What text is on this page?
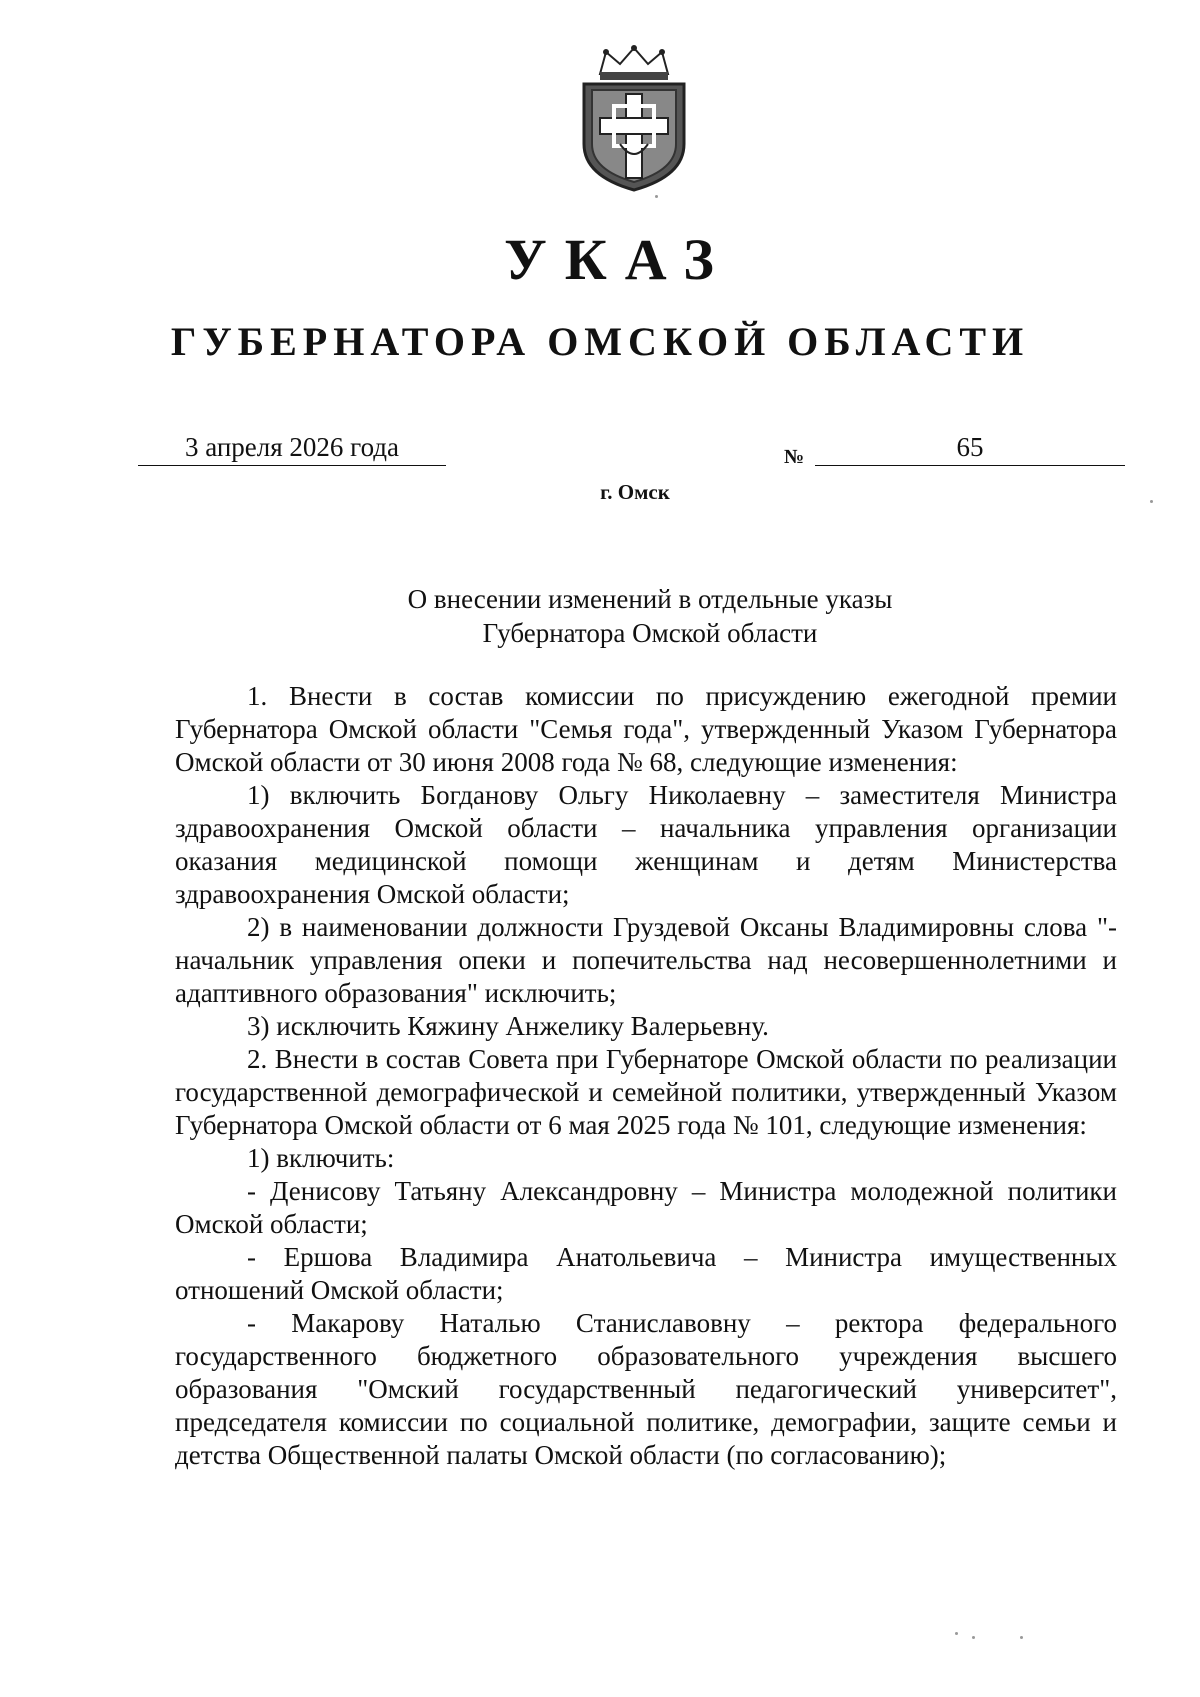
УКАЗ
ГУБЕРНАТОРА ОМСКОЙ ОБЛАСТИ
3 апреля 2026 года	№	65
г. Омск
О внесении изменений в отдельные указы
Губернатора Омской области

1. Внести в состав комиссии по присуждению ежегодной премии Губернатора Омской области "Семья года", утвержденный Указом Губернатора Омской области от 30 июня 2008 года № 68, следующие изменения:

1) включить Богданову Ольгу Николаевну – заместителя Министра здравоохранения Омской области – начальника управления организации оказания медицинской помощи женщинам и детям Министерства здравоохранения Омской области;

2) в наименовании должности Груздевой Оксаны Владимировны слова "- начальник управления опеки и попечительства над несовершеннолетними и адаптивного образования" исключить;

3) исключить Кяжину Анжелику Валерьевну.

2. Внести в состав Совета при Губернаторе Омской области по реализации государственной демографической и семейной политики, утвержденный Указом Губернатора Омской области от 6 мая 2025 года № 101, следующие изменения:

1) включить:

- Денисову Татьяну Александровну – Министра молодежной политики Омской области;

- Ершова Владимира Анатольевича – Министра имущественных отношений Омской области;

- Макарову Наталью Станиславовну – ректора федерального государственного бюджетного образовательного учреждения высшего образования "Омский государственный педагогический университет", председателя комиссии по социальной политике, демографии, защите семьи и детства Общественной палаты Омской области (по согласованию);
